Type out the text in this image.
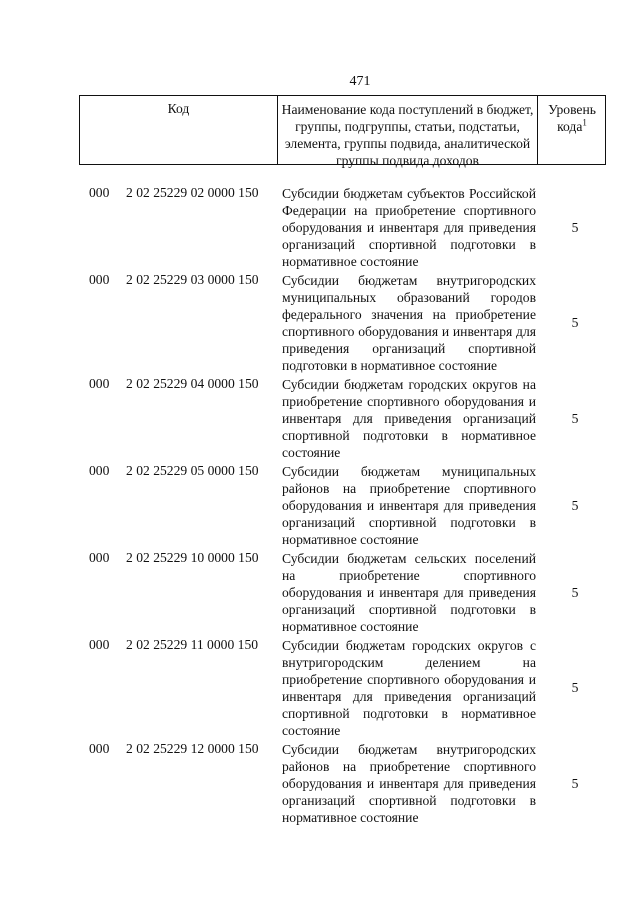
471
Код	Наименование кода поступлений в бюджет, группы, подгруппы, статьи, подстатьи, элемента, группы подвида, аналитической группы подвида доходов
Уровень кода$^1$
000	2 02 25229 02 0000 150 Субсидии бюджетам субъектов Российской Федерации на приобретение спортивного оборудования и инвентаря для приведения организаций спортивной подготовки в нормативное состояние
5
000	2 02 25229 03 0000 150 Субсидии бюджетам внутригородских муниципальных образований городов федерального значения на приобретение спортивного оборудования и инвентаря для приведения организаций спортивной подготовки в нормативное состояние
5
000	2 02 25229 04 0000 150 Субсидии бюджетам городских округов на приобретение спортивного оборудования и инвентаря для приведения организаций спортивной подготовки в нормативное состояние
5
000	2 02 25229 05 0000 150 Субсидии бюджетам муниципальных районов на приобретение спортивного оборудования и инвентаря для приведения организаций спортивной подготовки в нормативное состояние
5
000	2 02 25229 10 0000 150 Субсидии бюджетам сельских поселений на приобретение спортивного оборудования и инвентаря для приведения организаций спортивной подготовки в нормативное состояние
5
000	2 02 25229 11 0000 150 Субсидии бюджетам городских округов с внутригородским делением на приобретение спортивного оборудования и инвентаря для приведения организаций спортивной подготовки в нормативное состояние
5
000	2 02 25229 12 0000 150 Субсидии бюджетам внутригородских районов на приобретение спортивного оборудования и инвентаря для приведения организаций спортивной подготовки в нормативное состояние
5
